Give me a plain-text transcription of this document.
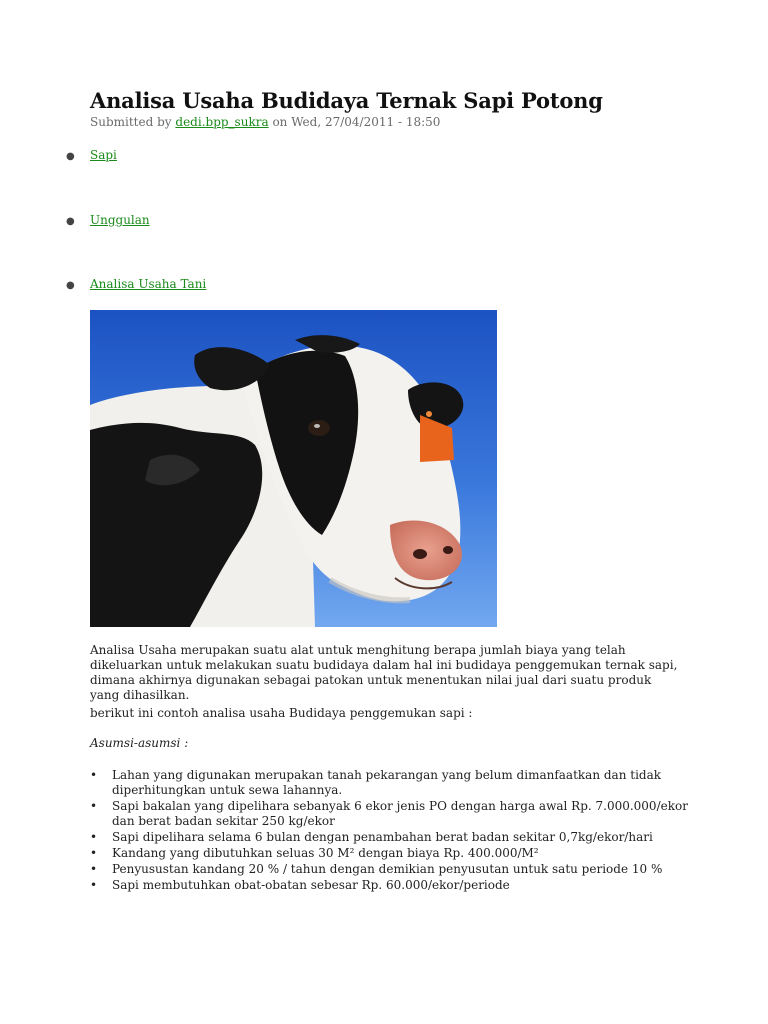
Analisa Usaha Budidaya Ternak Sapi Potong
Submitted by dedi.bpp_sukra on Wed, 27/04/2011 - 18:50
● Sapi
● Unggulan
● Analisa Usaha Tani

Analisa Usaha merupakan suatu alat untuk menghitung berapa jumlah biaya yang telah dikeluarkan untuk melakukan suatu budidaya dalam hal ini budidaya penggemukan ternak sapi, dimana akhirnya digunakan sebagai patokan untuk menentukan nilai jual dari suatu produk yang dihasilkan.

berikut ini contoh analisa usaha Budidaya penggemukan sapi :

Asumsi-asumsi :

• Lahan yang digunakan merupakan tanah pekarangan yang belum dimanfaatkan dan tidak diperhitungkan untuk sewa lahannya.
• Sapi bakalan yang dipelihara sebanyak 6 ekor jenis PO dengan harga awal Rp. 7.000.000/ekor dan berat badan sekitar 250 kg/ekor
• Sapi dipelihara selama 6 bulan dengan penambahan berat badan sekitar 0,7kg/ekor/hari
• Kandang yang dibutuhkan seluas 30 M² dengan biaya Rp. 400.000/M²
• Penyusustan kandang 20 % / tahun dengan demikian penyusutan untuk satu periode 10 %
• Sapi membutuhkan obat-obatan sebesar Rp. 60.000/ekor/periode
